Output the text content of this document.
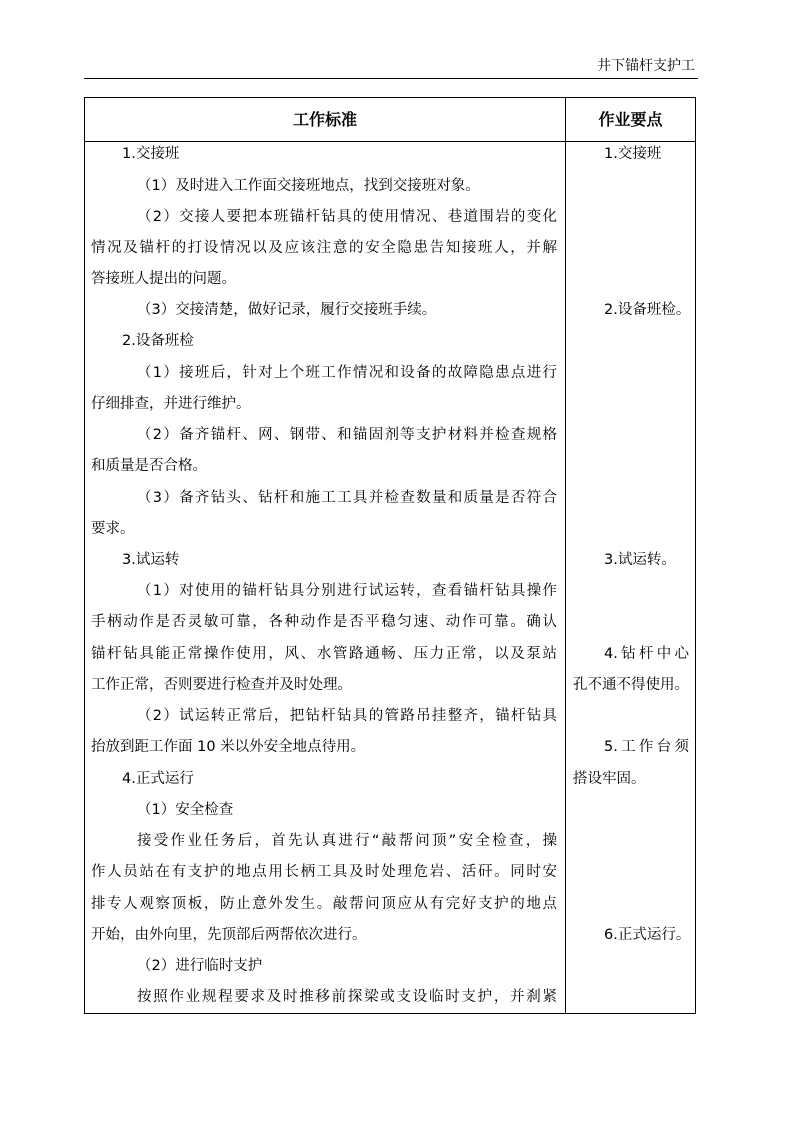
井下锚杆支护工
工作标准	作业要点
1.交接班
（1）及时进入工作面交接班地点，找到交接班对象。
（2）交接人要把本班锚杆钻具的使用情况、巷道围岩的变化
情况及锚杆的打设情况以及应该注意的安全隐患告知接班人，并解
答接班人提出的问题。
（3）交接清楚，做好记录，履行交接班手续。
2.设备班检
（1）接班后，针对上个班工作情况和设备的故障隐患点进行
仔细排查，并进行维护。
（2）备齐锚杆、网、钢带、和锚固剂等支护材料并检查规格
和质量是否合格。
（3）备齐钻头、钻杆和施工工具并检查数量和质量是否符合
要求。
3.试运转
（1）对使用的锚杆钻具分别进行试运转，查看锚杆钻具操作
手柄动作是否灵敏可靠，各种动作是否平稳匀速、动作可靠。确认
锚杆钻具能正常操作使用，风、水管路通畅、压力正常，以及泵站
工作正常，否则要进行检查并及时处理。
（2）试运转正常后，把钻杆钻具的管路吊挂整齐，锚杆钻具
抬放到距工作面 10 米以外安全地点待用。
4.正式运行
（1）安全检查
接受作业任务后，首先认真进行“敲帮问顶”安全检查，操
作人员站在有支护的地点用长柄工具及时处理危岩、活矸。同时安
排专人观察顶板，防止意外发生。敲帮问顶应从有完好支护的地点
开始，由外向里，先顶部后两帮依次进行。
（2）进行临时支护
按照作业规程要求及时推移前探梁或支设临时支护，并刹紧
1.交接班
2.设备班检。
3.试运转。
4.钻杆中心
孔不通不得使用。
5.工作台须
搭设牢固。
6.正式运行。
